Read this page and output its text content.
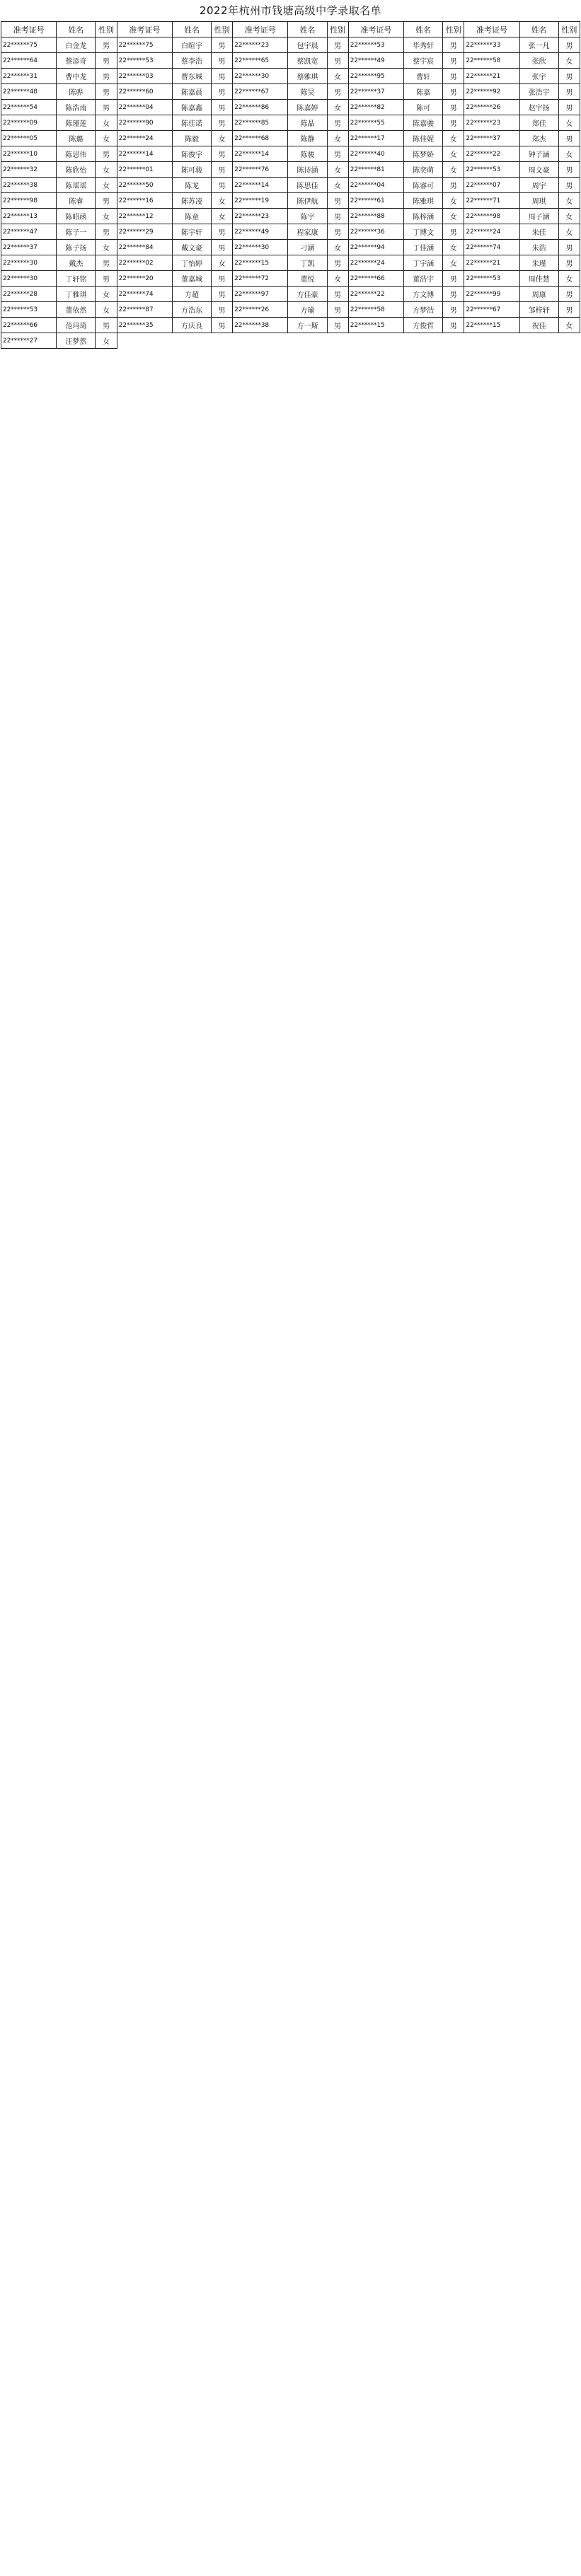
2022年杭州市钱塘高级中学录取名单
准考证号	姓名	性别	准考证号	姓名	性别	准考证号	姓名	性别	准考证号	姓名	性别	准考证号	姓名	性别
22******75	白金龙	男	22******75	白暄宇	男	22******23	包宇晨	男	22******53	毕秀轩	男	22******33	张一凡	男
22******64	蔡添奇	男	22******53	蔡李浩	男	22******65	蔡凯宽	男	22******49	蔡宇宸	男	22******58	张欣	女
22******31	曹中龙	男	22******03	曹东城	男	22******30	蔡雅琪	女	22******95	曹轩	男	22******21	张宇	男
22******48	陈骅	男	22******60	陈嘉晨	男	22******67	陈昊	男	22******37	陈嘉	男	22******92	张浩宇	男
22******54	陈浩南	男	22******04	陈嘉鑫	男	22******86	陈嘉婷	女	22******82	陈可	男	22******26	赵宇扬	男
22******09	陈瑾莲	女	22******90	陈佳诺	男	22******85	陈晶	男	22******55	陈嘉骏	男	22******23	郑佳	女
22******05	陈璐	女	22******24	陈毅	女	22******68	陈静	女	22******17	陈佳妮	女	22******37	郑杰	男
22******10	陈思伟	男	22******14	陈俊宇	男	22******14	陈骏	男	22******40	陈梦娇	女	22******22	钟子涵	女
22******32	陈欣怡	女	22******01	陈可骏	男	22******76	陈诗涵	女	22******81	陈奕萌	女	22******53	周文豪	男
22******38	陈瑶瑶	女	22******50	陈龙	男	22******14	陈思佳	女	22******04	陈睿可	男	22******07	周宇	男
22******98	陈睿	男	22******16	陈苏凌	女	22******19	陈伊航	男	22******61	陈雅琪	女	22******71	周琪	女
22******13	陈昭函	女	22******12	陈童	女	22******23	陈宇	男	22******88	陈梓涵	女	22******98	周子涵	女
22******47	陈子一	男	22******29	陈宇轩	男	22******49	程家康	男	22******36	丁博文	男	22******24	朱佳	女
22******37	陈子扬	女	22******84	戴文豪	男	22******30	刁涵	女	22******94	丁佳涵	女	22******74	朱浩	男
22******30	戴杰	男	22******02	丁怡婷	女	22******15	丁凯	男	22******24	丁宇涵	女	22******21	朱瑾	男
22******30	丁轩铭	男	22******20	董嘉城	男	22******72	董悦	女	22******66	董浩宇	男	22******53	周佳慧	女
22******28	丁雅琪	女	22******74	方超	男	22******97	方佳豪	男	22******22	方文博	男	22******99	周康	男
22******53	董依然	女	22******87	方浩东	男	22******26	方瑜	男	22******58	方梦浩	男	22******67	邹梓轩	男
22******66	范玛琦	男	22******35	方庆良	男	22******38	方一斯	男	22******15	方俊哲	男	22******15	祝佳	女
22******27	汪梦然	女												
